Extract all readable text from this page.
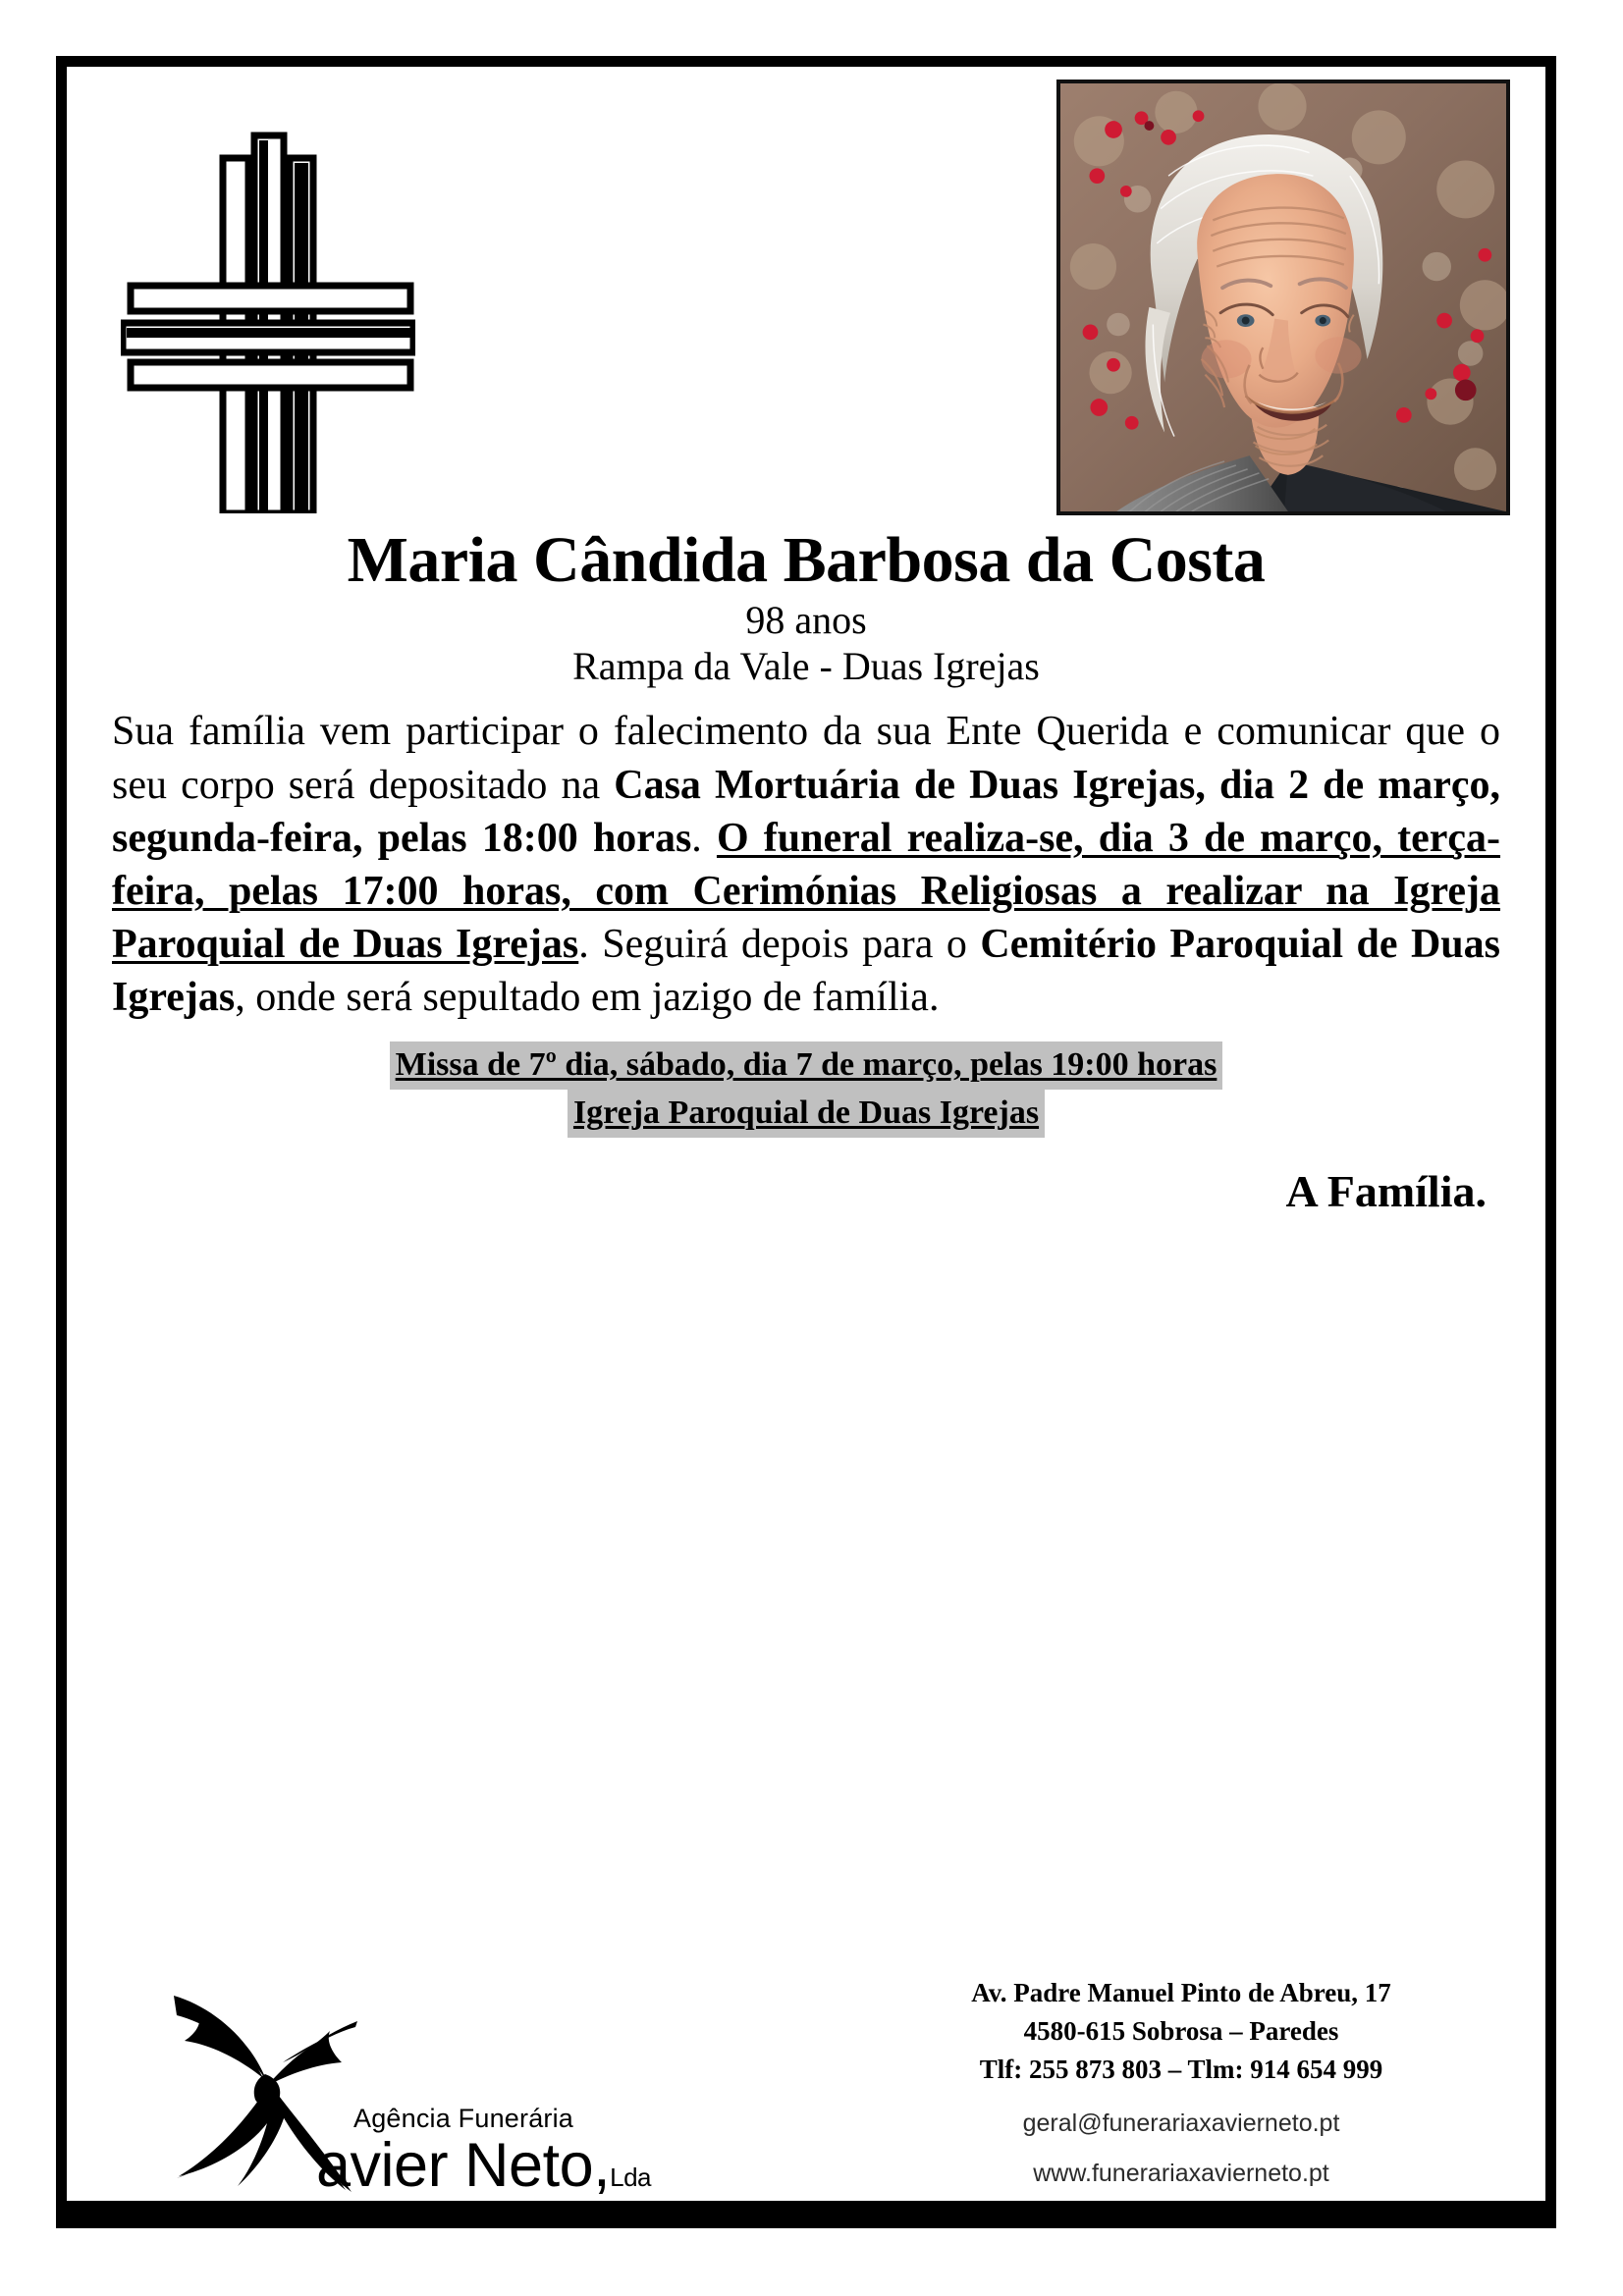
Maria Cândida Barbosa da Costa
98 anos
Rampa da Vale - Duas Igrejas

Sua família vem participar o falecimento da sua Ente Querida e comunicar que o seu corpo será depositado na Casa Mortuária de Duas Igrejas, dia 2 de março, segunda-feira, pelas 18:00 horas. O funeral realiza-se, dia 3 de março, terça-feira, pelas 17:00 horas, com Cerimónias Religiosas a realizar na Igreja Paroquial de Duas Igrejas. Seguirá depois para o Cemitério Paroquial de Duas Igrejas, onde será sepultado em jazigo de família.

Missa de 7º dia, sábado, dia 7 de março, pelas 19:00 horas
Igreja Paroquial de Duas Igrejas
A Família.
Agência Funerária
avier Neto,Lda
Av. Padre Manuel Pinto de Abreu, 17
4580-615 Sobrosa – Paredes
Tlf: 255 873 803 – Tlm: 914 654 999
geral@funerariaxavierneto.pt
www.funerariaxavierneto.pt
